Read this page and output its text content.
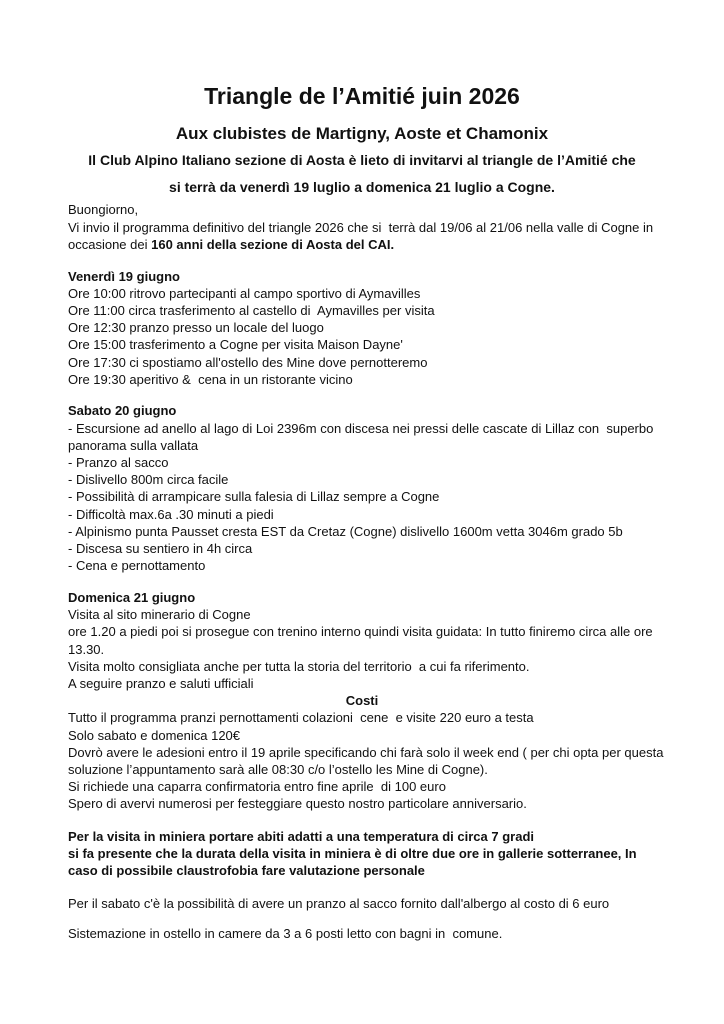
Triangle de l’Amitié juin 2026
Aux clubistes de Martigny, Aoste et Chamonix
Il Club Alpino Italiano sezione di Aosta è lieto di invitarvi al triangle de l’Amitié che
si terrà da venerdì 19 luglio a domenica 21 luglio a Cogne.
Buongiorno,
Vi invio il programma definitivo del triangle 2026 che si  terrà dal 19/06 al 21/06 nella valle di Cogne in
occasione dei 160 anni della sezione di Aosta del CAI.
Venerdì 19 giugno
Ore 10:00 ritrovo partecipanti al campo sportivo di Aymavilles
Ore 11:00 circa trasferimento al castello di  Aymavilles per visita
Ore 12:30 pranzo presso un locale del luogo
Ore 15:00 trasferimento a Cogne per visita Maison Dayne'
Ore 17:30 ci spostiamo all'ostello des Mine dove pernotteremo
Ore 19:30 aperitivo &  cena in un ristorante vicino
Sabato 20 giugno
- Escursione ad anello al lago di Loi 2396m con discesa nei pressi delle cascate di Lillaz con  superbo
panorama sulla vallata
- Pranzo al sacco
- Dislivello 800m circa facile
- Possibilità di arrampicare sulla falesia di Lillaz sempre a Cogne
- Difficoltà max.6a .30 minuti a piedi
- Alpinismo punta Pausset cresta EST da Cretaz (Cogne) dislivello 1600m vetta 3046m grado 5b
- Discesa su sentiero in 4h circa
- Cena e pernottamento
Domenica 21 giugno
Visita al sito minerario di Cogne
ore 1.20 a piedi poi si prosegue con trenino interno quindi visita guidata: In tutto finiremo circa alle ore
13.30.
Visita molto consigliata anche per tutta la storia del territorio  a cui fa riferimento.
A seguire pranzo e saluti ufficiali
Costi
Tutto il programma pranzi pernottamenti colazioni  cene  e visite 220 euro a testa
Solo sabato e domenica 120€
Dovrò avere le adesioni entro il 19 aprile specificando chi farà solo il week end ( per chi opta per questa
soluzione l’appuntamento sarà alle 08:30 c/o l’ostello les Mine di Cogne).
Si richiede una caparra confirmatoria entro fine aprile  di 100 euro
Spero di avervi numerosi per festeggiare questo nostro particolare anniversario.
Per la visita in miniera portare abiti adatti a una temperatura di circa 7 gradi
si fa presente che la durata della visita in miniera è di oltre due ore in gallerie sotterranee, In
caso di possibile claustrofobia fare valutazione personale
Per il sabato c'è la possibilità di avere un pranzo al sacco fornito dall'albergo al costo di 6 euro
Sistemazione in ostello in camere da 3 a 6 posti letto con bagni in  comune.
